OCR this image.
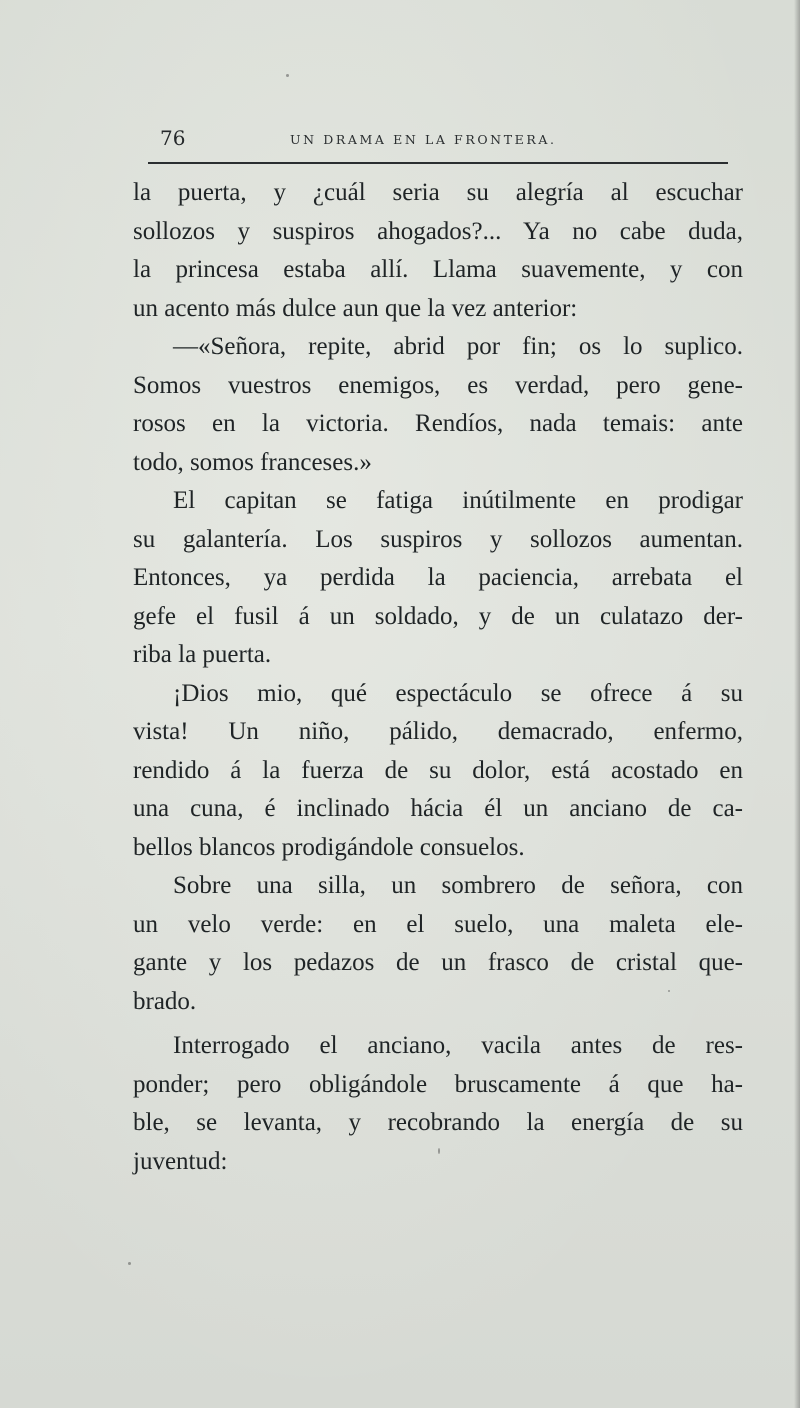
76	UN DRAMA EN LA FRONTERA.
la puerta, y ¿cuál seria su alegría al escuchar
sollozos y suspiros ahogados?... Ya no cabe duda,
la princesa estaba allí. Llama suavemente, y con
un acento más dulce aun que la vez anterior:
—«Señora, repite, abrid por fin; os lo suplico.
Somos vuestros enemigos, es verdad, pero gene-
rosos en la victoria. Rendíos, nada temais: ante
todo, somos franceses.»
El capitan se fatiga inútilmente en prodigar
su galantería. Los suspiros y sollozos aumentan.
Entonces, ya perdida la paciencia, arrebata el
gefe el fusil á un soldado, y de un culatazo der-
riba la puerta.
¡Dios mio, qué espectáculo se ofrece á su
vista! Un niño, pálido, demacrado, enfermo,
rendido á la fuerza de su dolor, está acostado en
una cuna, é inclinado hácia él un anciano de ca-
bellos blancos prodigándole consuelos.
Sobre una silla, un sombrero de señora, con
un velo verde: en el suelo, una maleta ele-
gante y los pedazos de un frasco de cristal que-
brado.
Interrogado el anciano, vacila antes de res-
ponder; pero obligándole bruscamente á que ha-
ble, se levanta, y recobrando la energía de su
juventud:
